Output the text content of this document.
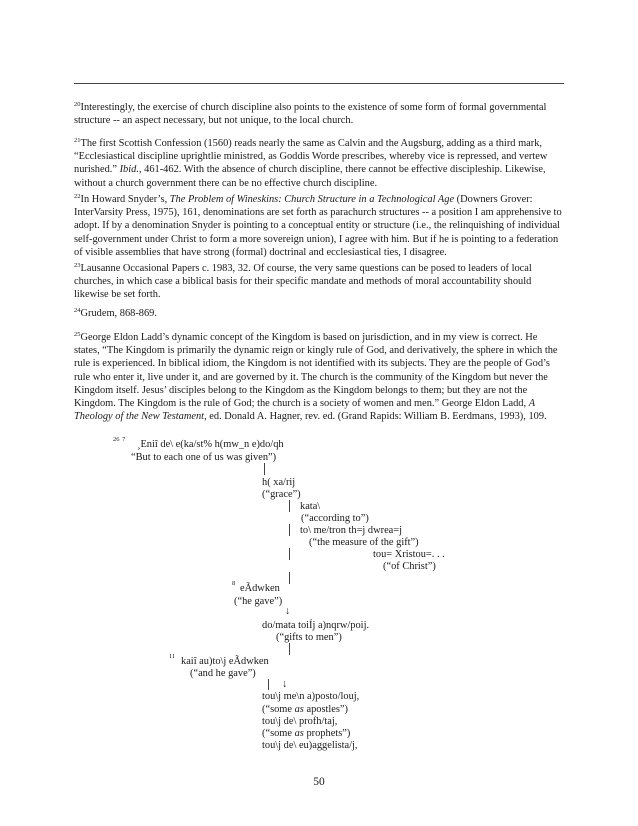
$^{20}$Interestingly, the exercise of church discipline also points to the existence of some form of formal governmental structure -- an aspect necessary, but not unique, to the local church.

$^{21}$The first Scottish Confession (1560) reads nearly the same as Calvin and the Augsburg, adding as a third mark, “Ecclesiastical discipline uprightlie ministred, as Goddis Worde prescribes, whereby vice is repressed, and vertew nurished.” Ibid., 461-462. With the absence of church discipline, there cannot be effective discipleship. Likewise, without a church government there can be no effective church discipline.

$^{22}$In Howard Snyder’s, The Problem of Wineskins: Church Structure in a Technological Age (Downers Grover: InterVarsity Press, 1975), 161, denominations are set forth as parachurch structures -- a position I am apprehensive to adopt. If by a denomination Snyder is pointing to a conceptual entity or structure (i.e., the relinquishing of individual self-government under Christ to form a more sovereign union), I agree with him. But if he is pointing to a federation of visible assemblies that have strong (formal) doctrinal and ecclesiastical ties, I disagree.

$^{23}$Lausanne Occasional Papers c. 1983, 32. Of course, the very same questions can be posed to leaders of local churches, in which case a biblical basis for their specific mandate and methods of moral accountability should likewise be set forth.

$^{24}$Grudem, 868-869.

$^{25}$George Eldon Ladd’s dynamic concept of the Kingdom is based on jurisdiction, and in my view is correct. He states, “The Kingdom is primarily the dynamic reign or kingly rule of God, and derivatively, the sphere in which the rule is experienced. In biblical idiom, the Kingdom is not identified with its subjects. They are the people of God’s rule who enter it, live under it, and are governed by it. The church is the community of the Kingdom but never the Kingdom itself. Jesus’ disciples belong to the Kingdom as the Kingdom belongs to them; but they are not the Kingdom. The Kingdom is the rule of God; the church is a society of women and men.” George Eldon Ladd, A Theology of the New Testament, ed. Donald A. Hagner, rev. ed. (Grand Rapids: William B. Eerdmans, 1993), 109.

$^{26}$ $^7$ ¸Eniî de\ e(ka/st% h(mw_n e)do/qh
“But to each one of us was given”)
h( xa/rij
(“grace”)
kata\
(“according to”)
to\ me/tron th=j dwrea=j
(“the measure of the gift”)
tou= Xristou=. . .
(“of Christ”)
$^8$ eÃdwken
(“he gave”)
↓
do/mata toiÍj a)nqrw/poij.
(“gifts to men”)
$^{11}$ kaiî au)to\j eÃdwken
(“and he gave”)
↓
tou\j me\n a)posto/louj,
(“some as apostles”)
tou\j de\ profh/taj,
(“some as prophets”)
tou\j de\ eu)aggelista/j,
50
